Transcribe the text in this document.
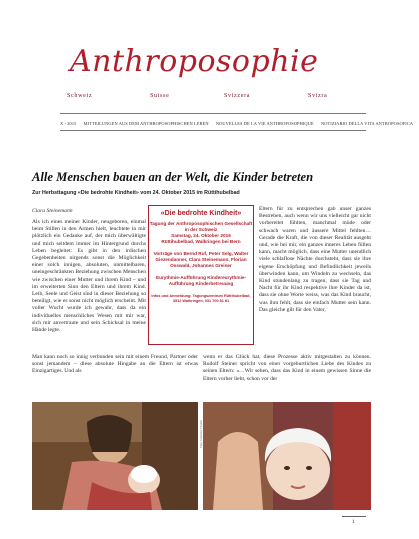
Anthroposophie
Schweiz	Suisse	Svizzera	Svizra
X - 2015 MITTEILUNGEN AUS DEM ANTHROPOSOPHISCHEN LEBEN NOUVELLES DE LA VIE ANTHROPOSOPHIQUE NOTIZIARIO DELLA VITA ANTROPOSOFICA
Alle Menschen bauen an der Welt, die Kinder betreten
Zur Herbsttagung «Die bedrohte Kindheit» vom 24. Oktober 2015 im Rüttihubelbad
Clara Steinemann

Als ich eines meiner Kinder, neugeboren, einmal beim Stillen in den Armen hielt, leuchtete in mir plötzlich ein Gedanke auf, der mich überwältigte und mich seitdem immer im Hintergrund durchs Leben begleitet: Es gibt in den irdischen Gegebenheiten nirgends sonst die Möglichkeit einer solch innigen, absoluten, unmittelbaren, uneingeschränkten Beziehung zwischen Menschen wie zwischen einer Mutter und ihrem Kind – und im erweiterten Sinn den Eltern und ihrem Kind. Leib, Seele und Geist sind in dieser Beziehung so beteiligt, wie es sonst nicht möglich erscheint. Mit voller Wucht wurde ich gewahr, dass da ein individuelles menschliches Wesen mit mir war, sich mir anvertraute und sein Schicksal in meine Hände legte.

«Die bedrohte Kindheit»
Tagung der Anthroposophischen Gesellschaft in der Schweiz
Samstag, 24. Oktober 2015
Rüttihubelbad, Walkringen bei Bern
Vorträge von Bernd Ruf, Peter Selg, Walter Giezendanner, Clara Steinemann, Florian Osswald, Johannes Greiner
Eurythmie-Aufführung Kindereurythmie-Aufführung Kinderbetreuung
Infos und Anmeldung: Tagungszentrum Rüttihubelbad, 3512 Walkringen, 031 700 81 81

Eltern für zu entsprechen gab unser ganzes Bestreben, auch wenn wir uns vielleicht gar nicht vorbereitet fühlten, manchmal müde oder schwach waren und äussere Mittel fehlten… Gerade die Kraft, die von dieser Realität ausgeht und, wie bei mir, ein ganzes inneres Leben füllen kann, macht möglich, dass eine Mutter unendlich viele schlaflose Nächte durchsteht, dass sie ihre eigene Erschöpfung und Befindlichkeit jeweils überwinden kann, um Windeln zu wechseln, das Kind stundenlang zu tragen, dass sie Tag und Nacht für ihr Kind respektive ihre Kinder da ist, dass sie ohne Worte weiss, was das Kind braucht, was ihm fehlt, dass sie einfach Mutter sein kann. Das gleiche gilt für den Vater,

Man kann noch so innig verbunden sein mit einem Freund, Partner oder sonst jemandem – diese absolute Hingabe an die Eltern ist etwas Einzigartiges. Und als

wenn er das Glück hat, diese Prozesse aktiv mitgestalten zu können. Rudolf Steiner spricht von einer vorgeburtlichen Liebe des Kindes zu seinen Eltern: «…Wir sehen, dass das Kind in einem gewissen Sinne die Eltern vorher liebt, schon vor der

Foto: Charlotte Fischer
1
